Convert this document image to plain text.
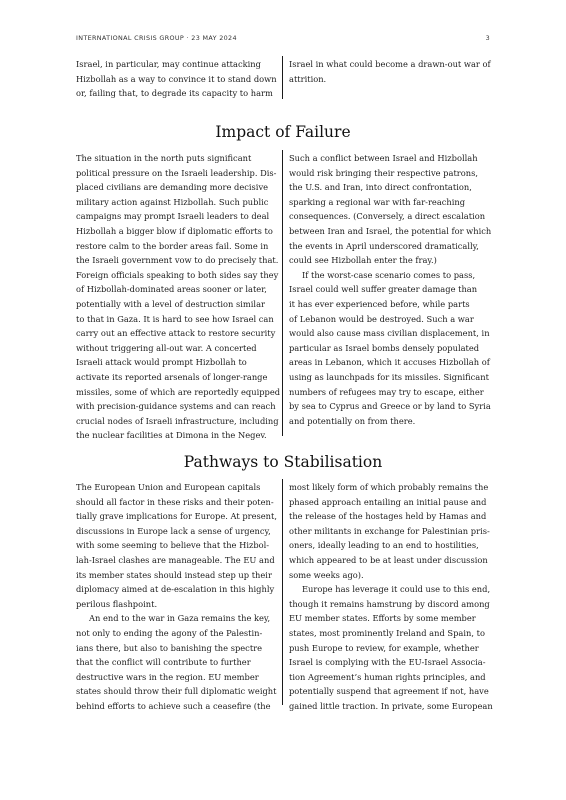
INTERNATIONAL CRISIS GROUP · 23 MAY 2024	3
Israel, in particular, may continue attacking
Hizbollah as a way to convince it to stand down
or, failing that, to degrade its capacity to harm
Israel in what could become a drawn-out war of
attrition.
Impact of Failure
The situation in the north puts significant
political pressure on the Israeli leadership. Dis-
placed civilians are demanding more decisive
military action against Hizbollah. Such public
campaigns may prompt Israeli leaders to deal
Hizbollah a bigger blow if diplomatic efforts to
restore calm to the border areas fail. Some in
the Israeli government vow to do precisely that.
Foreign officials speaking to both sides say they
of Hizbollah-dominated areas sooner or later,
potentially with a level of destruction similar
to that in Gaza. It is hard to see how Israel can
carry out an effective attack to restore security
without triggering all-out war. A concerted
Israeli attack would prompt Hizbollah to
activate its reported arsenals of longer-range
missiles, some of which are reportedly equipped
with precision-guidance systems and can reach
crucial nodes of Israeli infrastructure, including
the nuclear facilities at Dimona in the Negev.
Such a conflict between Israel and Hizbollah
would risk bringing their respective patrons,
the U.S. and Iran, into direct confrontation,
sparking a regional war with far-reaching
consequences. (Conversely, a direct escalation
between Iran and Israel, the potential for which
the events in April underscored dramatically,
could see Hizbollah enter the fray.)
If the worst-case scenario comes to pass,
Israel could well suffer greater damage than
it has ever experienced before, while parts
of Lebanon would be destroyed. Such a war
would also cause mass civilian displacement, in
particular as Israel bombs densely populated
areas in Lebanon, which it accuses Hizbollah of
using as launchpads for its missiles. Significant
numbers of refugees may try to escape, either
by sea to Cyprus and Greece or by land to Syria
and potentially on from there.
Pathways to Stabilisation
The European Union and European capitals
should all factor in these risks and their poten-
tially grave implications for Europe. At present,
discussions in Europe lack a sense of urgency,
with some seeming to believe that the Hizbol-
lah-Israel clashes are manageable. The EU and
its member states should instead step up their
diplomacy aimed at de-escalation in this highly
perilous flashpoint.
An end to the war in Gaza remains the key,
not only to ending the agony of the Palestin-
ians there, but also to banishing the spectre
that the conflict will contribute to further
destructive wars in the region. EU member
states should throw their full diplomatic weight
behind efforts to achieve such a ceasefire (the
most likely form of which probably remains the
phased approach entailing an initial pause and
the release of the hostages held by Hamas and
other militants in exchange for Palestinian pris-
oners, ideally leading to an end to hostilities,
which appeared to be at least under discussion
some weeks ago).
Europe has leverage it could use to this end,
though it remains hamstrung by discord among
EU member states. Efforts by some member
states, most prominently Ireland and Spain, to
push Europe to review, for example, whether
Israel is complying with the EU-Israel Associa-
tion Agreement’s human rights principles, and
potentially suspend that agreement if not, have
gained little traction. In private, some European
